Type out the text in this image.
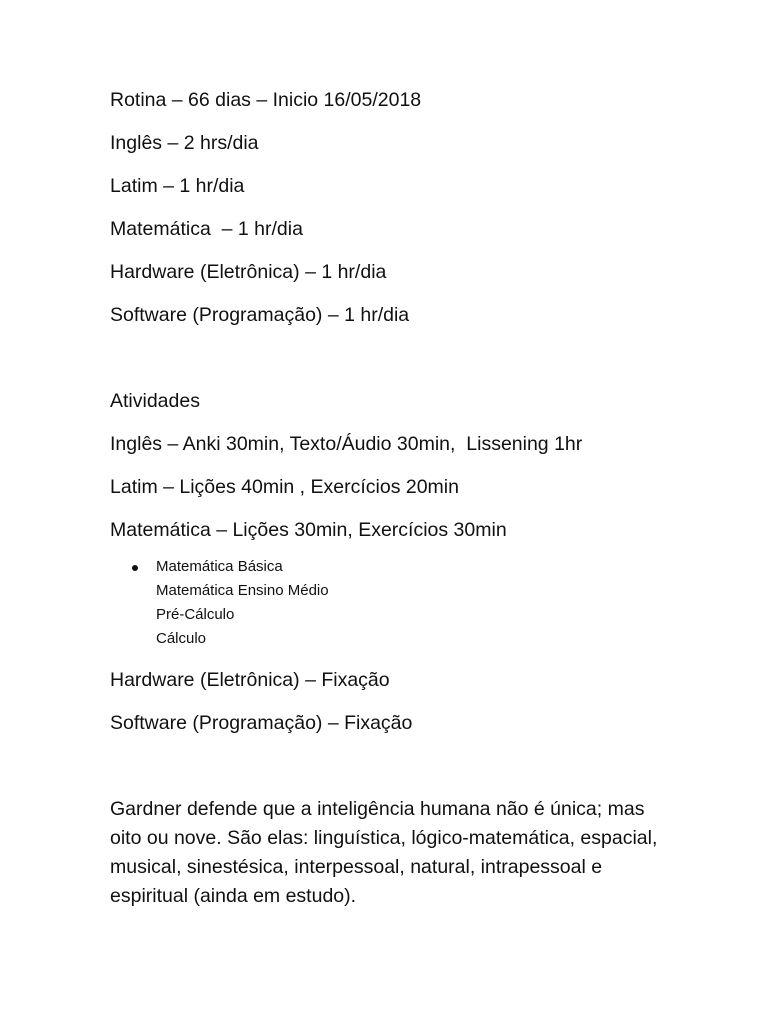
Rotina – 66 dias – Inicio 16/05/2018

Inglês – 2 hrs/dia

Latim – 1 hr/dia

Matemática  – 1 hr/dia

Hardware (Eletrônica) – 1 hr/dia

Software (Programação) – 1 hr/dia

Atividades

Inglês – Anki 30min, Texto/Áudio 30min,  Lissening 1hr

Latim – Lições 40min , Exercícios 20min

Matemática – Lições 30min, Exercícios 30min

Matemática Básica
Matemática Ensino Médio
Pré-Cálculo
Cálculo

Hardware (Eletrônica) – Fixação

Software (Programação) – Fixação

Gardner defende que a inteligência humana não é única; mas oito ou nove. São elas: linguística, lógico-matemática, espacial, musical, sinestésica, interpessoal, natural, intrapessoal e espiritual (ainda em estudo).
